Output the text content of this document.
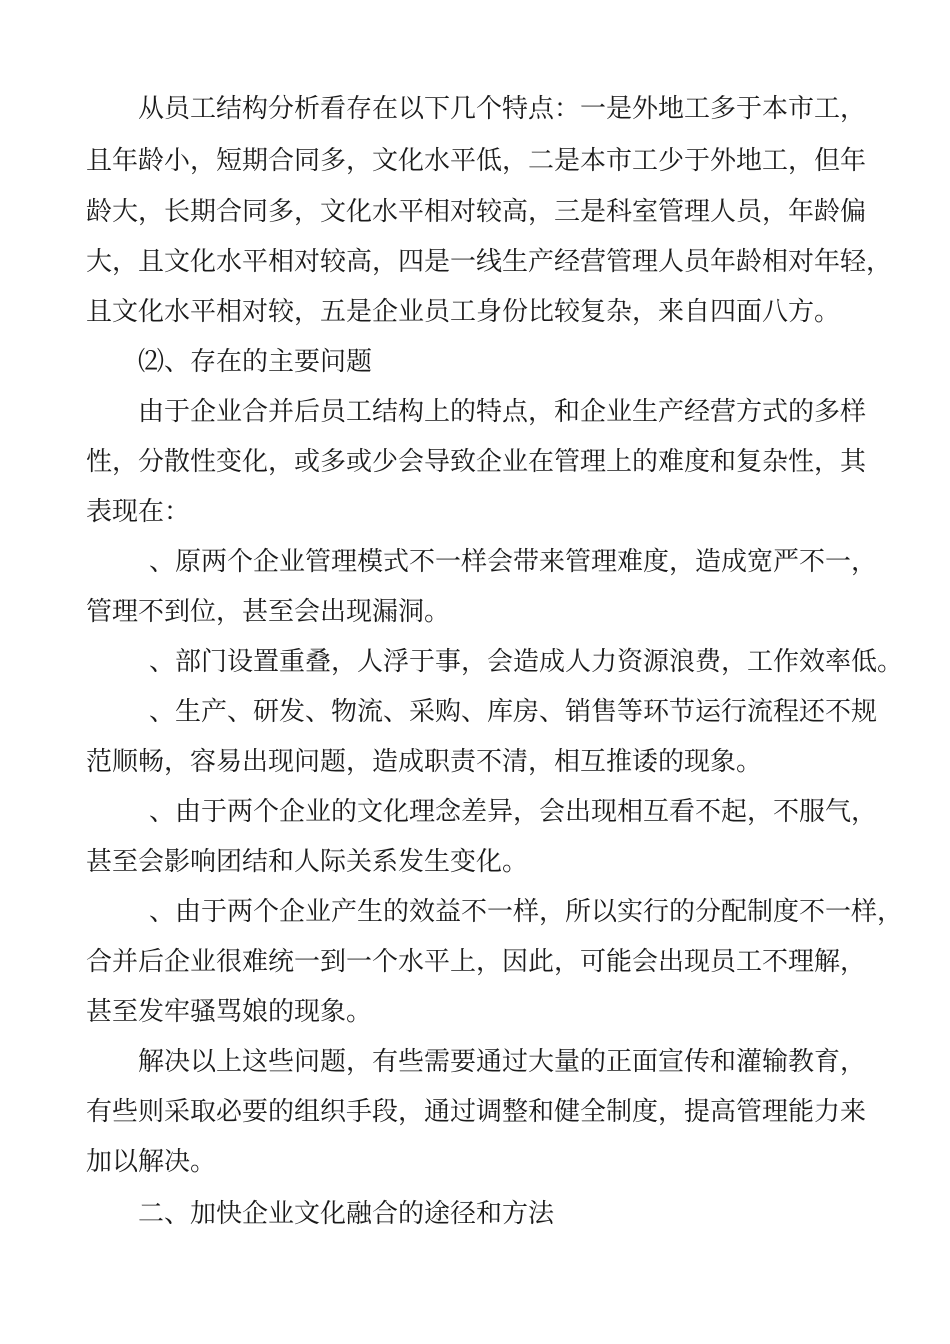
从员工结构分析看存在以下几个特点：一是外地工多于本市工，

且年龄小，短期合同多，文化水平低，二是本市工少于外地工，但年

龄大，长期合同多，文化水平相对较高，三是科室管理人员，年龄偏

大，且文化水平相对较高，四是一线生产经营管理人员年龄相对年轻，

且文化水平相对较，五是企业员工身份比较复杂，来自四面八方。

⑵、存在的主要问题

由于企业合并后员工结构上的特点，和企业生产经营方式的多样

性，分散性变化，或多或少会导致企业在管理上的难度和复杂性，其

表现在：

、原两个企业管理模式不一样会带来管理难度，造成宽严不一，

管理不到位，甚至会出现漏洞。

、部门设置重叠，人浮于事，会造成人力资源浪费，工作效率低。

、生产、研发、物流、采购、库房、销售等环节运行流程还不规

范顺畅，容易出现问题，造成职责不清，相互推诿的现象。

、由于两个企业的文化理念差异，会出现相互看不起，不服气，

甚至会影响团结和人际关系发生变化。

、由于两个企业产生的效益不一样，所以实行的分配制度不一样，

合并后企业很难统一到一个水平上，因此，可能会出现员工不理解，

甚至发牢骚骂娘的现象。

解决以上这些问题，有些需要通过大量的正面宣传和灌输教育，

有些则采取必要的组织手段，通过调整和健全制度，提高管理能力来

加以解决。

二、加快企业文化融合的途径和方法
